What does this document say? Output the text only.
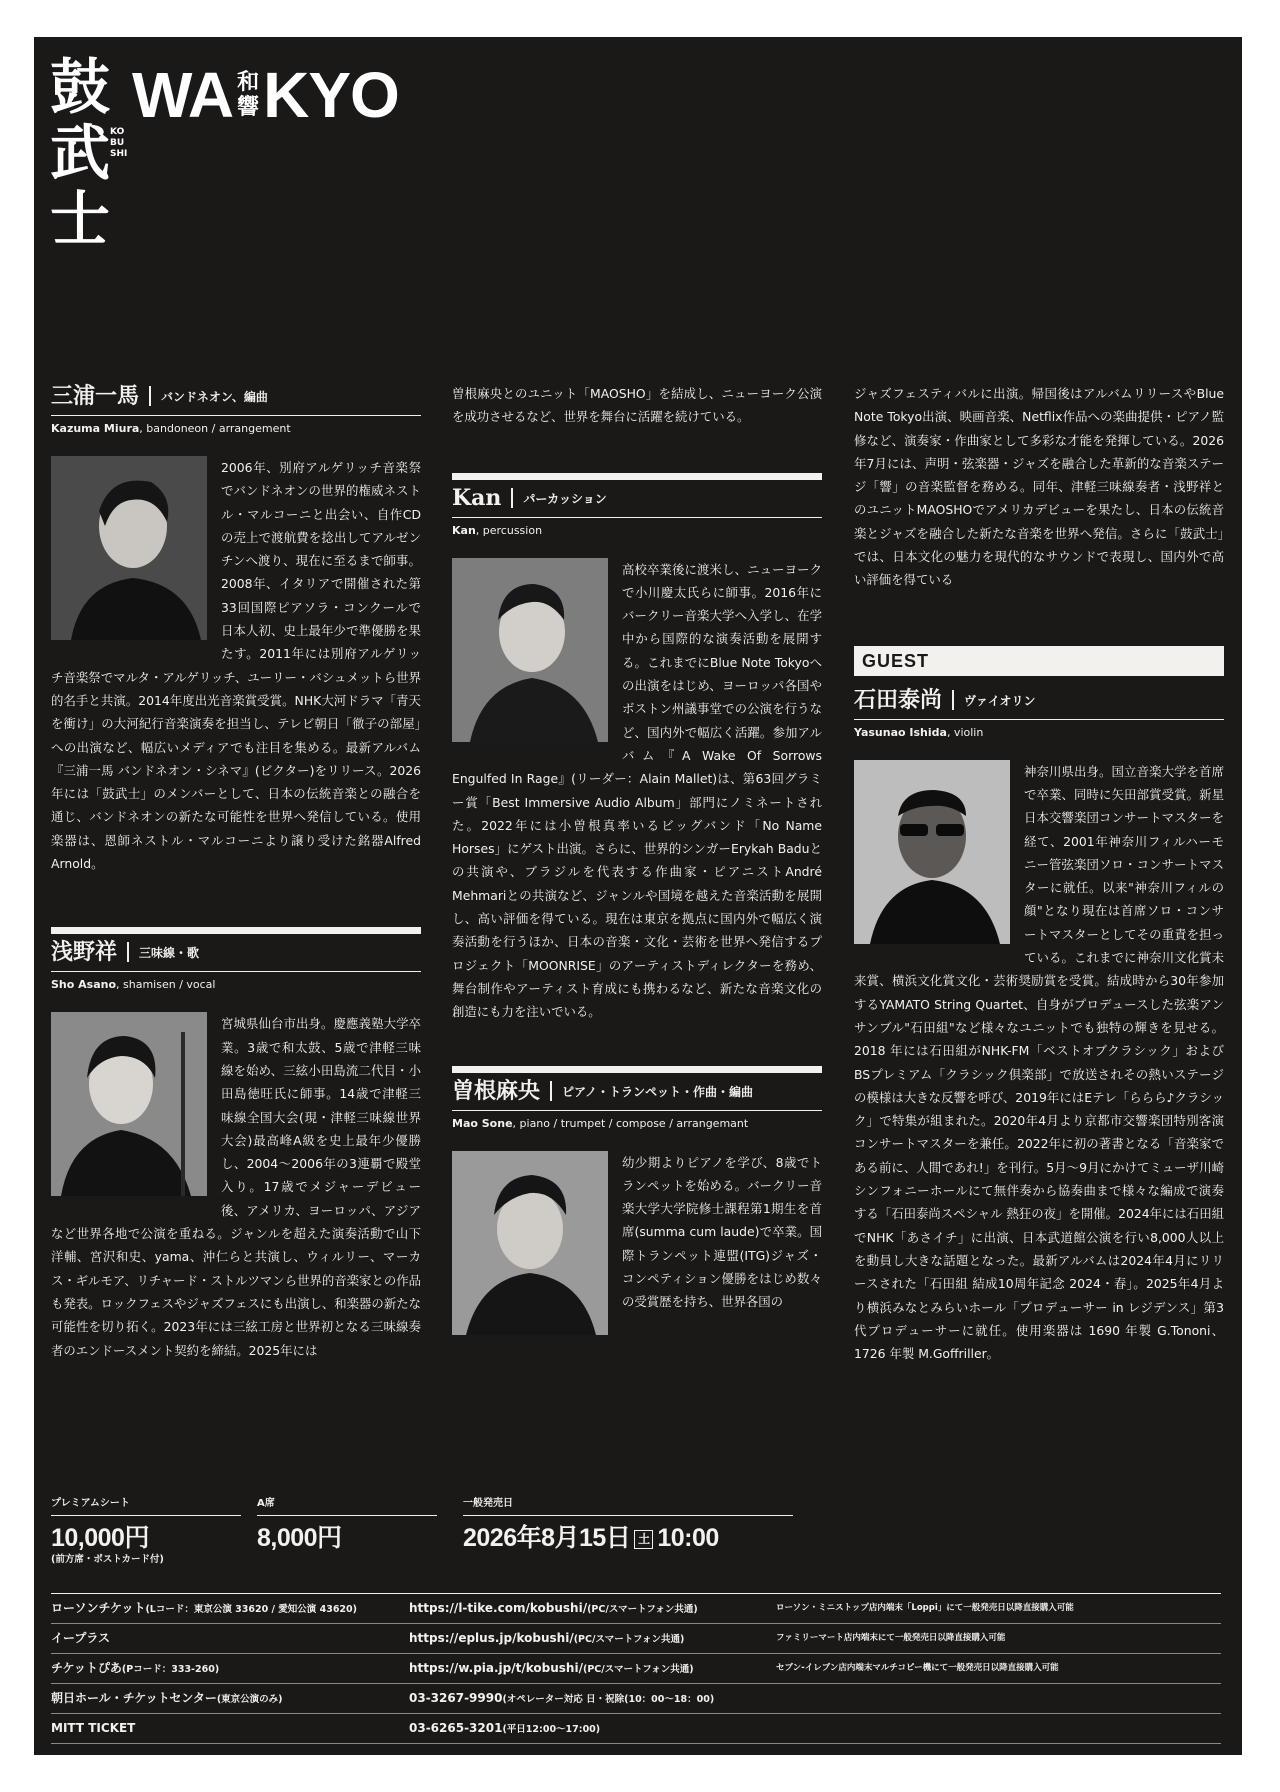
鼓
武
士
KO
BU
SHI
WA 和
響 KYO
三浦一馬 バンドネオン、編曲
Kazuma Miura, bandoneon / arrangement

2006年、別府アルゲリッチ音楽祭でバンドネオンの世界的権威ネストル・マルコーニと出会い、自作CDの売上で渡航費を捻出してアルゼンチンへ渡り、現在に至るまで師事。2008年、イタリアで開催された第33回国際ピアソラ・コンクールで日本人初、史上最年少で準優勝を果たす。2011年には別府アルゲリッチ音楽祭でマルタ・アルゲリッチ、ユーリー・バシュメットら世界的名手と共演。2014年度出光音楽賞受賞。NHK大河ドラマ「青天を衝け」の大河紀行音楽演奏を担当し、テレビ朝日「徹子の部屋」への出演など、幅広いメディアでも注目を集める。最新アルバム『三浦一馬 バンドネオン・シネマ』(ビクター)をリリース。2026年には「鼓武士」のメンバーとして、日本の伝統音楽との融合を通じ、バンドネオンの新たな可能性を世界へ発信している。使用楽器は、恩師ネストル・マルコーニより譲り受けた銘器Alfred Arnold。

浅野祥 三味線・歌
Sho Asano, shamisen / vocal

宮城県仙台市出身。慶應義塾大学卒業。3歳で和太鼓、5歳で津軽三味線を始め、三絃小田島流二代目・小田島徳旺氏に師事。14歳で津軽三味線全国大会(現・津軽三味線世界大会)最高峰A級を史上最年少優勝し、2004〜2006年の3連覇で殿堂入り。17歳でメジャーデビュー後、アメリカ、ヨーロッパ、アジアなど世界各地で公演を重ねる。ジャンルを超えた演奏活動で山下洋輔、宮沢和史、yama、沖仁らと共演し、ウィルリー、マーカス・ギルモア、リチャード・ストルツマンら世界的音楽家との作品も発表。ロックフェスやジャズフェスにも出演し、和楽器の新たな可能性を切り拓く。2023年には三絃工房と世界初となる三味線奏者のエンドースメント契約を締結。2025年には

曽根麻央とのユニット「MAOSHO」を結成し、ニューヨーク公演を成功させるなど、世界を舞台に活躍を続けている。

Kan パーカッション
Kan, percussion

高校卒業後に渡米し、ニューヨークで小川慶太氏らに師事。2016年にバークリー音楽大学へ入学し、在学中から国際的な演奏活動を展開する。これまでにBlue Note Tokyoへの出演をはじめ、ヨーロッパ各国やボストン州議事堂での公演を行うなど、国内外で幅広く活躍。参加アルバム『A Wake Of Sorrows Engulfed In Rage』(リーダー：Alain Mallet)は、第63回グラミー賞「Best Immersive Audio Album」部門にノミネートされた。2022年には小曽根真率いるビッグバンド「No Name Horses」にゲスト出演。さらに、世界的シンガーErykah Baduとの共演や、ブラジルを代表する作曲家・ピアニストAndré Mehmariとの共演など、ジャンルや国境を越えた音楽活動を展開し、高い評価を得ている。現在は東京を拠点に国内外で幅広く演奏活動を行うほか、日本の音楽・文化・芸術を世界へ発信するプロジェクト「MOONRISE」のアーティストディレクターを務め、舞台制作やアーティスト育成にも携わるなど、新たな音楽文化の創造にも力を注いでいる。

曽根麻央 ピアノ・トランペット・作曲・編曲
Mao Sone, piano / trumpet / compose / arrangemant

幼少期よりピアノを学び、8歳でトランペットを始める。バークリー音楽大学大学院修士課程第1期生を首席(summa cum laude)で卒業。国際トランペット連盟(ITG)ジャズ・コンペティション優勝をはじめ数々の受賞歴を持ち、世界各国の

ジャズフェスティバルに出演。帰国後はアルバムリリースやBlue Note Tokyo出演、映画音楽、Netflix作品への楽曲提供・ピアノ監修など、演奏家・作曲家として多彩な才能を発揮している。2026年7月には、声明・弦楽器・ジャズを融合した革新的な音楽ステージ「響」の音楽監督を務める。同年、津軽三味線奏者・浅野祥とのユニットMAOSHOでアメリカデビューを果たし、日本の伝統音楽とジャズを融合した新たな音楽を世界へ発信。さらに「鼓武士」では、日本文化の魅力を現代的なサウンドで表現し、国内外で高い評価を得ている

GUEST
石田泰尚 ヴァイオリン
Yasunao Ishida, violin

神奈川県出身。国立音楽大学を首席で卒業、同時に矢田部賞受賞。新星日本交響楽団コンサートマスターを経て、2001年神奈川フィルハーモニー管弦楽団ソロ・コンサートマスターに就任。以来"神奈川フィルの顔"となり現在は首席ソロ・コンサートマスターとしてその重責を担っている。これまでに神奈川文化賞未来賞、横浜文化賞文化・芸術奨励賞を受賞。結成時から30年参加するYAMATO String Quartet、自身がプロデュースした弦楽アンサンブル"石田組"など様々なユニットでも独特の輝きを見せる。2018 年には石田組がNHK-FM「ベストオブクラシック」およびBSプレミアム「クラシック倶楽部」で放送されその熱いステージの模様は大きな反響を呼び、2019年にはEテレ「ららら♪クラシック」で特集が組まれた。2020年4月より京都市交響楽団特別客演コンサートマスターを兼任。2022年に初の著書となる「音楽家である前に、人間であれ!」を刊行。5月〜9月にかけてミューザ川崎シンフォニーホールにて無伴奏から協奏曲まで様々な編成で演奏する「石田泰尚スペシャル 熱狂の夜」を開催。2024年には石田組でNHK「あさイチ」に出演、日本武道館公演を行い8,000人以上を動員し大きな話題となった。最新アルバムは2024年4月にリリースされた「石田組 結成10周年記念 2024・春」。2025年4月より横浜みなとみらいホール「プロデューサー in レジデンス」第3代プロデューサーに就任。使用楽器は 1690 年製 G.Tononi、1726 年製 M.Goffriller。

プレミアムシート
10,000円
(前方席・ポストカード付)
A席
8,000円
一般発売日
2026年8月15日 土 10:00
ローソンチケット(Lコード：東京公演 33620 / 愛知公演 43620)	https://l-tike.com/kobushi/(PC/スマートフォン共通)	ローソン・ミニストップ店内端末「Loppi」にて一般発売日以降直接購入可能
イープラス	https://eplus.jp/kobushi/(PC/スマートフォン共通)	ファミリーマート店内端末にて一般発売日以降直接購入可能
チケットぴあ(Pコード：333-260)	https://w.pia.jp/t/kobushi/(PC/スマートフォン共通)	セブン-イレブン店内端末マルチコピー機にて一般発売日以降直接購入可能
朝日ホール・チケットセンター(東京公演のみ)	03-3267-9990(オペレーター対応 日・祝除(10：00〜18：00)
MITT TICKET	03-6265-3201(平日12:00〜17:00)
